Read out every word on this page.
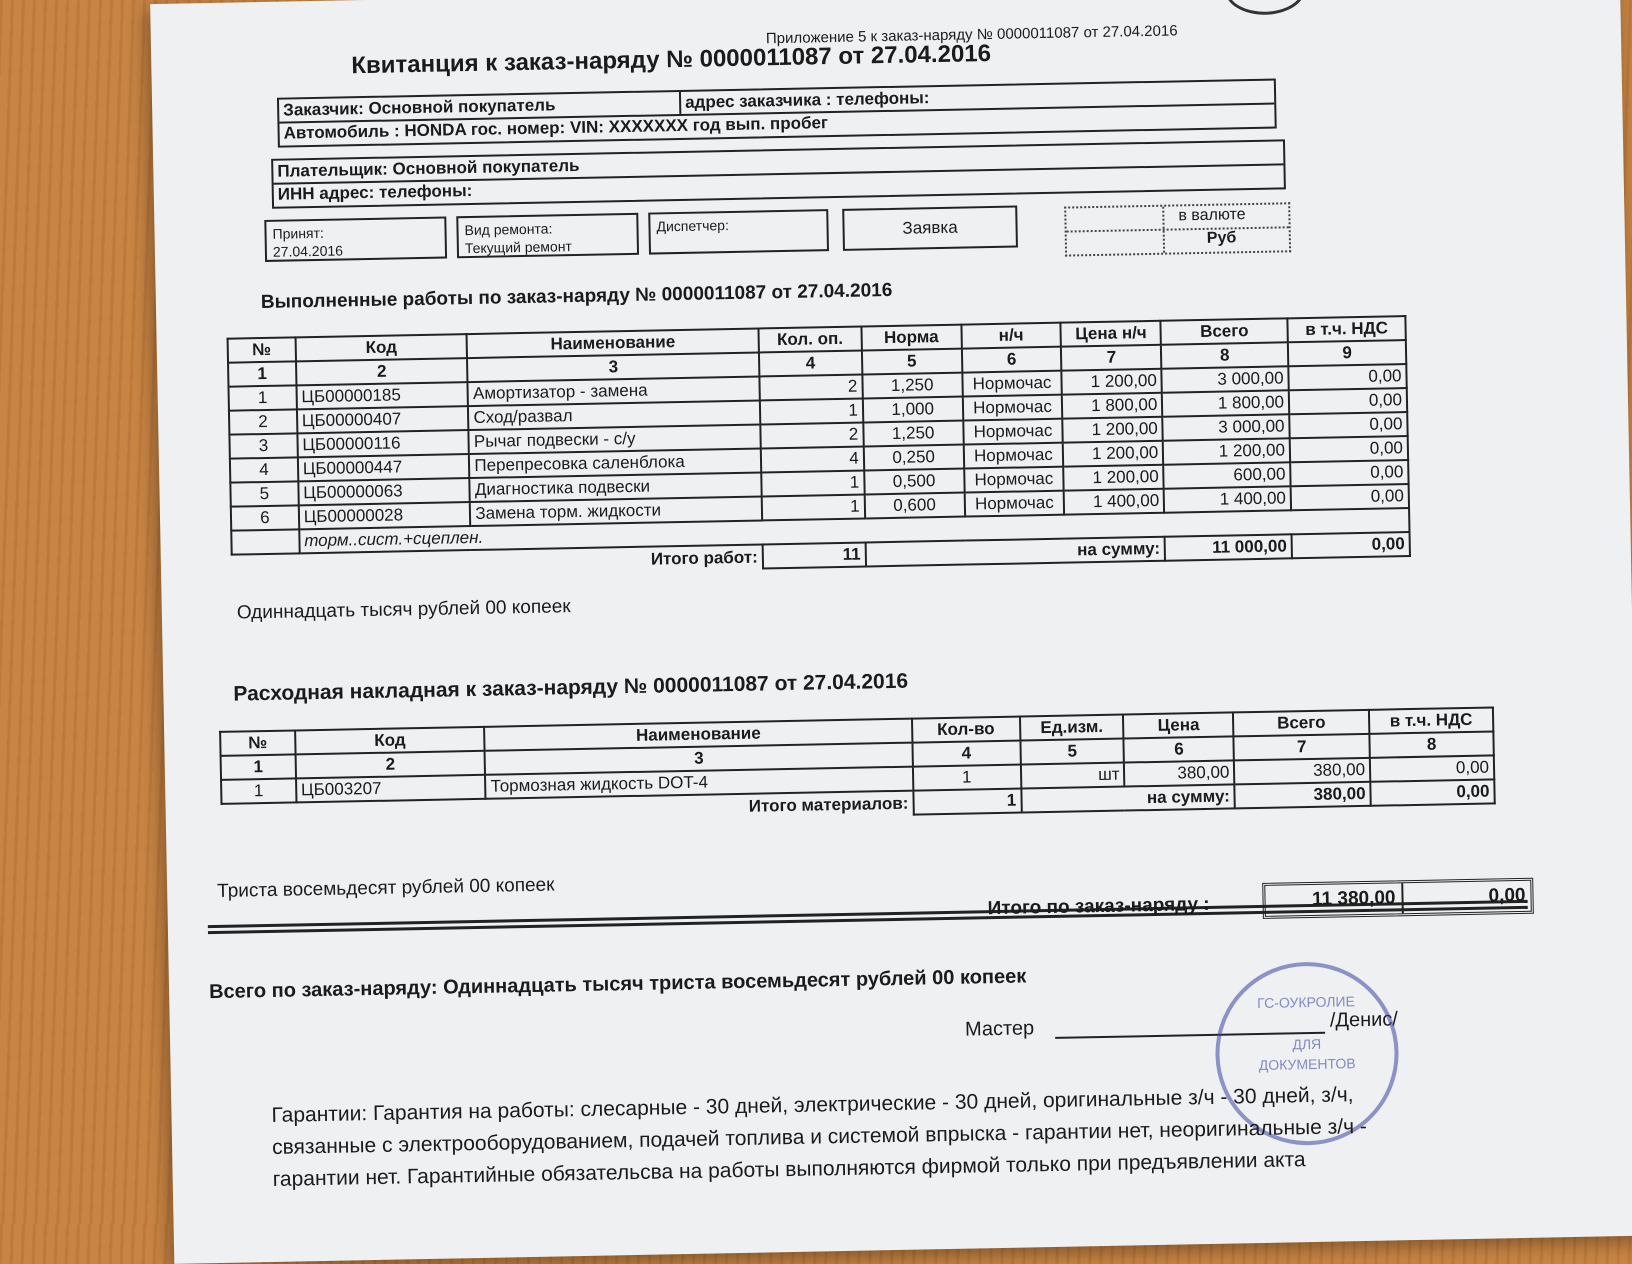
Приложение 5 к заказ-наряду № 0000011087 от 27.04.2016
Квитанция к заказ-наряду № 0000011087 от 27.04.2016
Заказчик: Основной покупатель	адрес заказчика : телефоны:
Автомобиль : HONDA гос. номер: VIN: XXXXXXX год вып. пробег
Плательщик: Основной покупатель
ИНН адрес: телефоны:
Принят:
27.04.2016
Вид ремонта:
Текущий ремонт
Диспетчер:	Заявка
в валюте
Руб
Выполненные работы по заказ-наряду № 0000011087 от 27.04.2016
№	Код	Наименование	Кол. оп.	Норма	н/ч	Цена н/ч	Всего	в т.ч. НДС
1	2	3	4	5	6	7	8	9
1	ЦБ00000185	Амортизатор - замена	2	1,250	Нормочас	1 200,00	3 000,00	0,00
2	ЦБ00000407	Сход/развал	1	1,000	Нормочас	1 800,00	1 800,00	0,00
3	ЦБ00000116	Рычаг подвески - с/у	2	1,250	Нормочас	1 200,00	3 000,00	0,00
4	ЦБ00000447	Перепресовка саленблока	4	0,250	Нормочас	1 200,00	1 200,00	0,00
5	ЦБ00000063	Диагностика подвески	1	0,500	Нормочас	1 200,00	600,00	0,00
6	ЦБ00000028	Замена торм. жидкости	1	0,600	Нормочас	1 400,00	1 400,00	0,00
	торм..сист.+сцеплен.							
Итого работ:			11	на сумму:			11 000,00	0,00
Одиннадцать тысяч рублей 00 копеек
Расходная накладная к заказ-наряду № 0000011087 от 27.04.2016
№	Код	Наименование	Кол-во	Ед.изм.	Цена	Всего	в т.ч. НДС
1	2	3	4	5	6	7	8
1	ЦБ003207	Тормозная жидкость DOT-4	1	шт	380,00	380,00	0,00
Итого материалов:			1	на сумму:		380,00	0,00
Триста восемьдесят рублей 00 копеек
Итого по заказ-наряду :	11 380,00	0,00
Всего по заказ-наряду: Одиннадцать тысяч триста восемьдесят рублей 00 копеек
Мастер	/Денис/
ГС-ОУКРОЛИЕ
ДЛЯ
ДОКУМЕНТОВ
Гарантии: Гарантия на работы: слесарные - 30 дней, электрические - 30 дней, оригинальные з/ч - 30 дней, з/ч,
связанные с электрооборудованием, подачей топлива и системой впрыска - гарантии нет, неоригинальные з/ч -
гарантии нет. Гарантийные обязательсва на работы выполняются фирмой только при предъявлении акта
